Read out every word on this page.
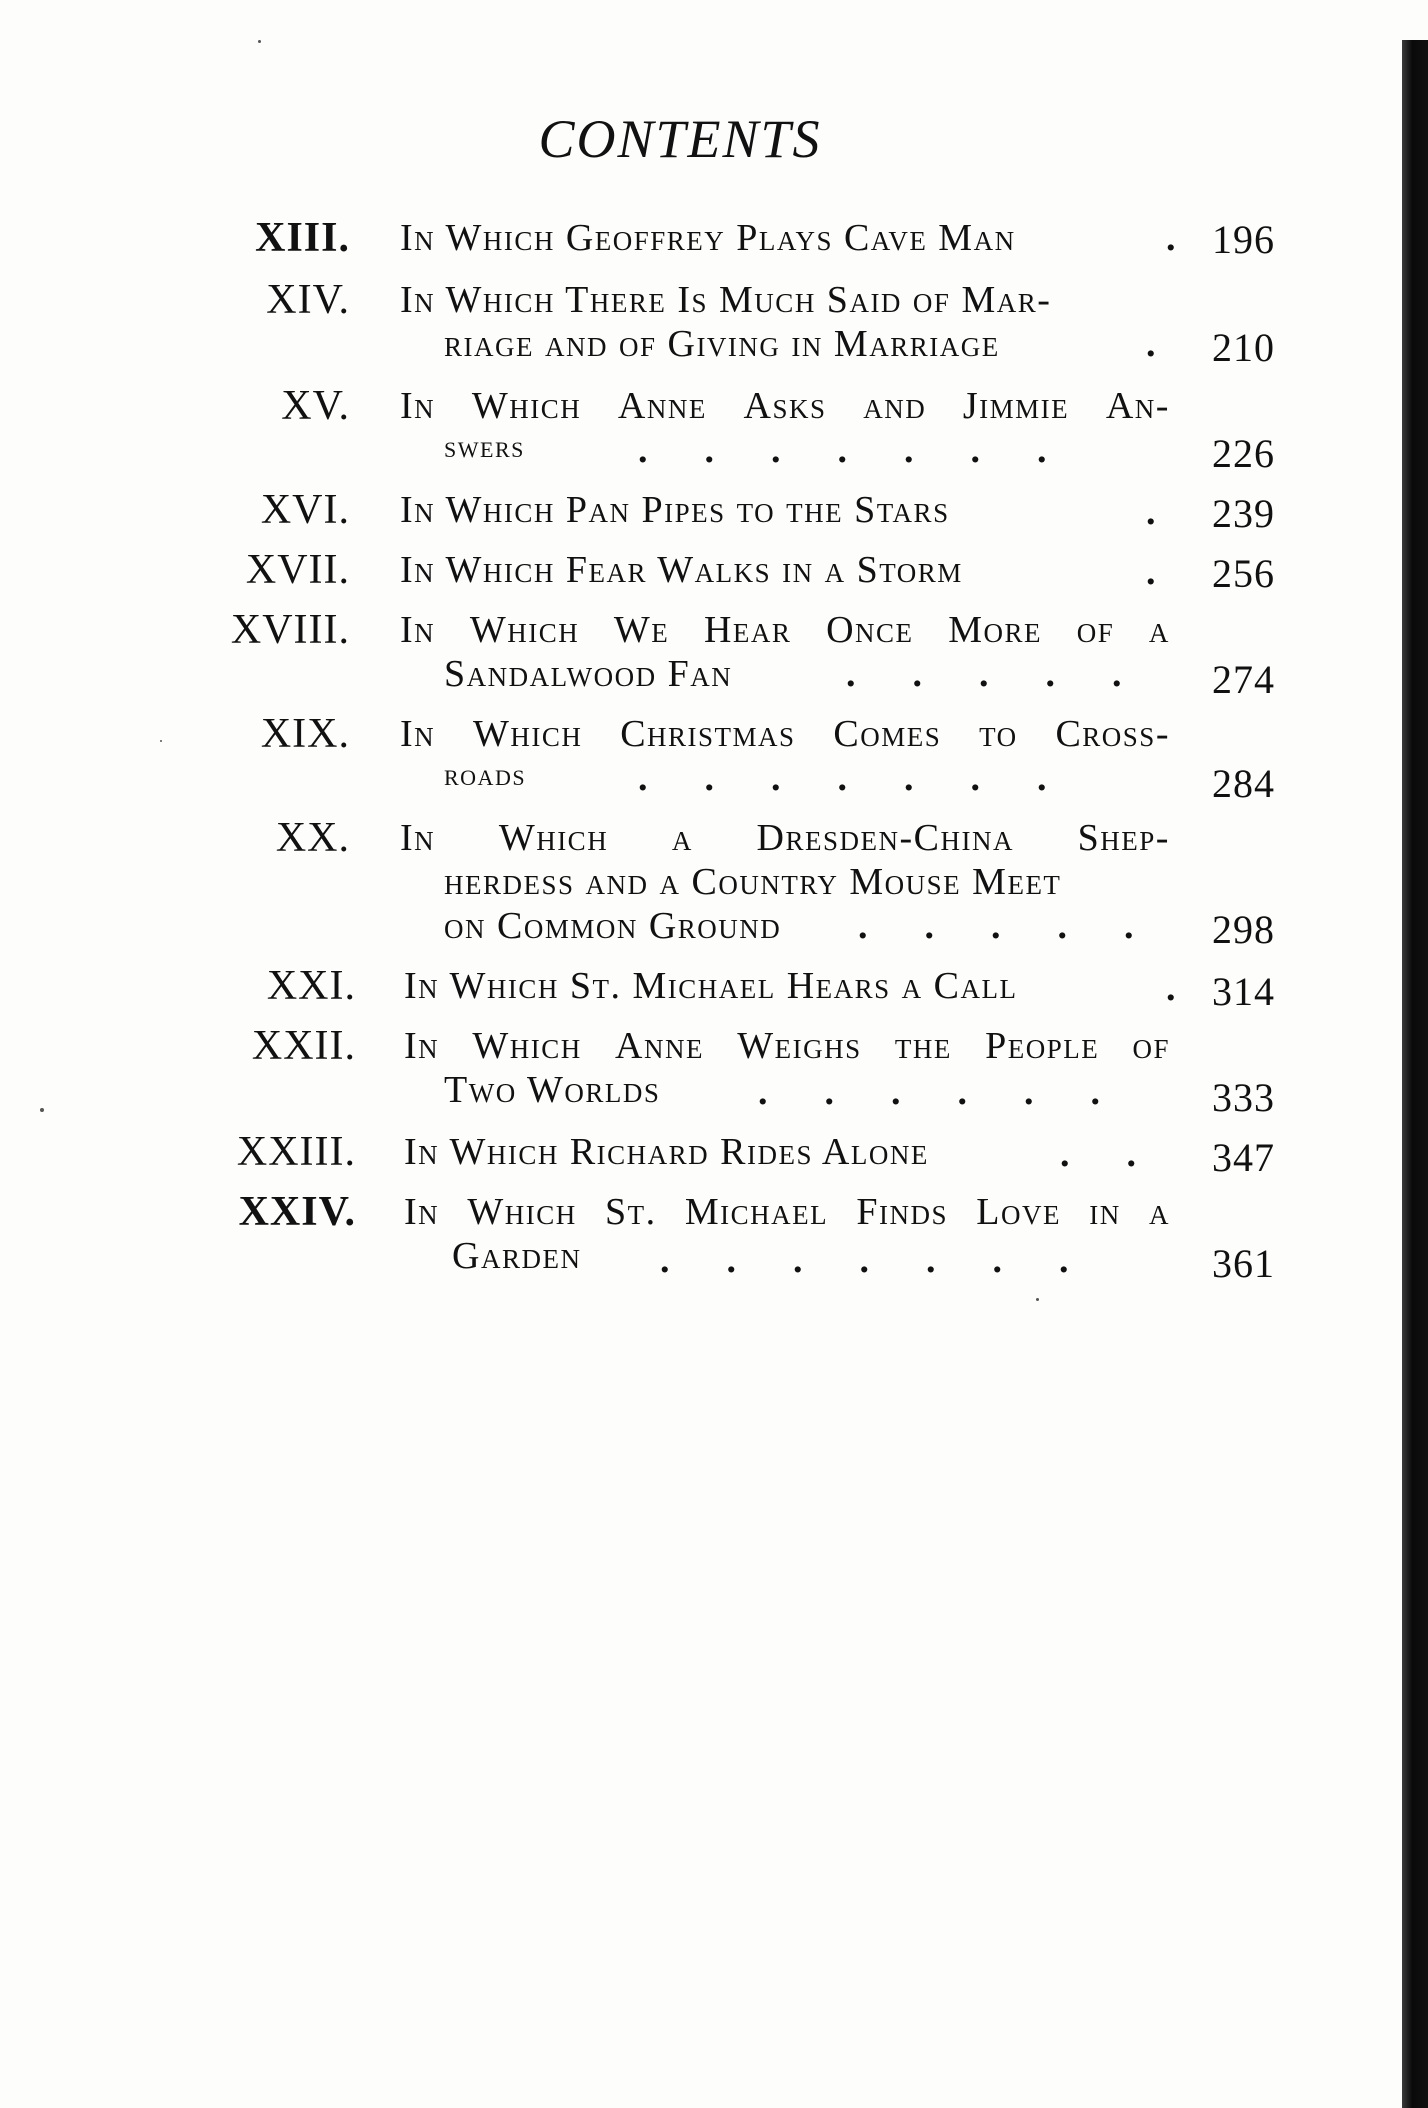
CONTENTS
XIII. In Which Geoffrey Plays Cave Man	. 196
XIV. In Which There Is Much Said of Mar-
riage and of Giving in Marriage	. 210
XV. In Which Anne Asks and Jimmie An-
swers	.      .      .      .      .      .      .	226
XVI. In Which Pan Pipes to the Stars	. 239
XVII. In Which Fear Walks in a Storm	. 256
XVIII. In Which We Hear Once More of a
Sandalwood Fan	.      .      .      .      . 274
XIX. In Which Christmas Comes to Cross-
roads	.      .      .      .      .      .      .	284
XX. In Which a Dresden-China Shep-
herdess and a Country Mouse Meet
on Common Ground .      .      .      .      . 298
XXI. In Which St. Michael Hears a Call	. 314
XXII. In Which Anne Weighs the People of
Two Worlds	.      .      .      .      .      .	333
XXIII. In Which Richard Rides Alone	.      . 347
XXIV. In Which St. Michael Finds Love in a
Garden .      .      .      .      .      .      .	361
